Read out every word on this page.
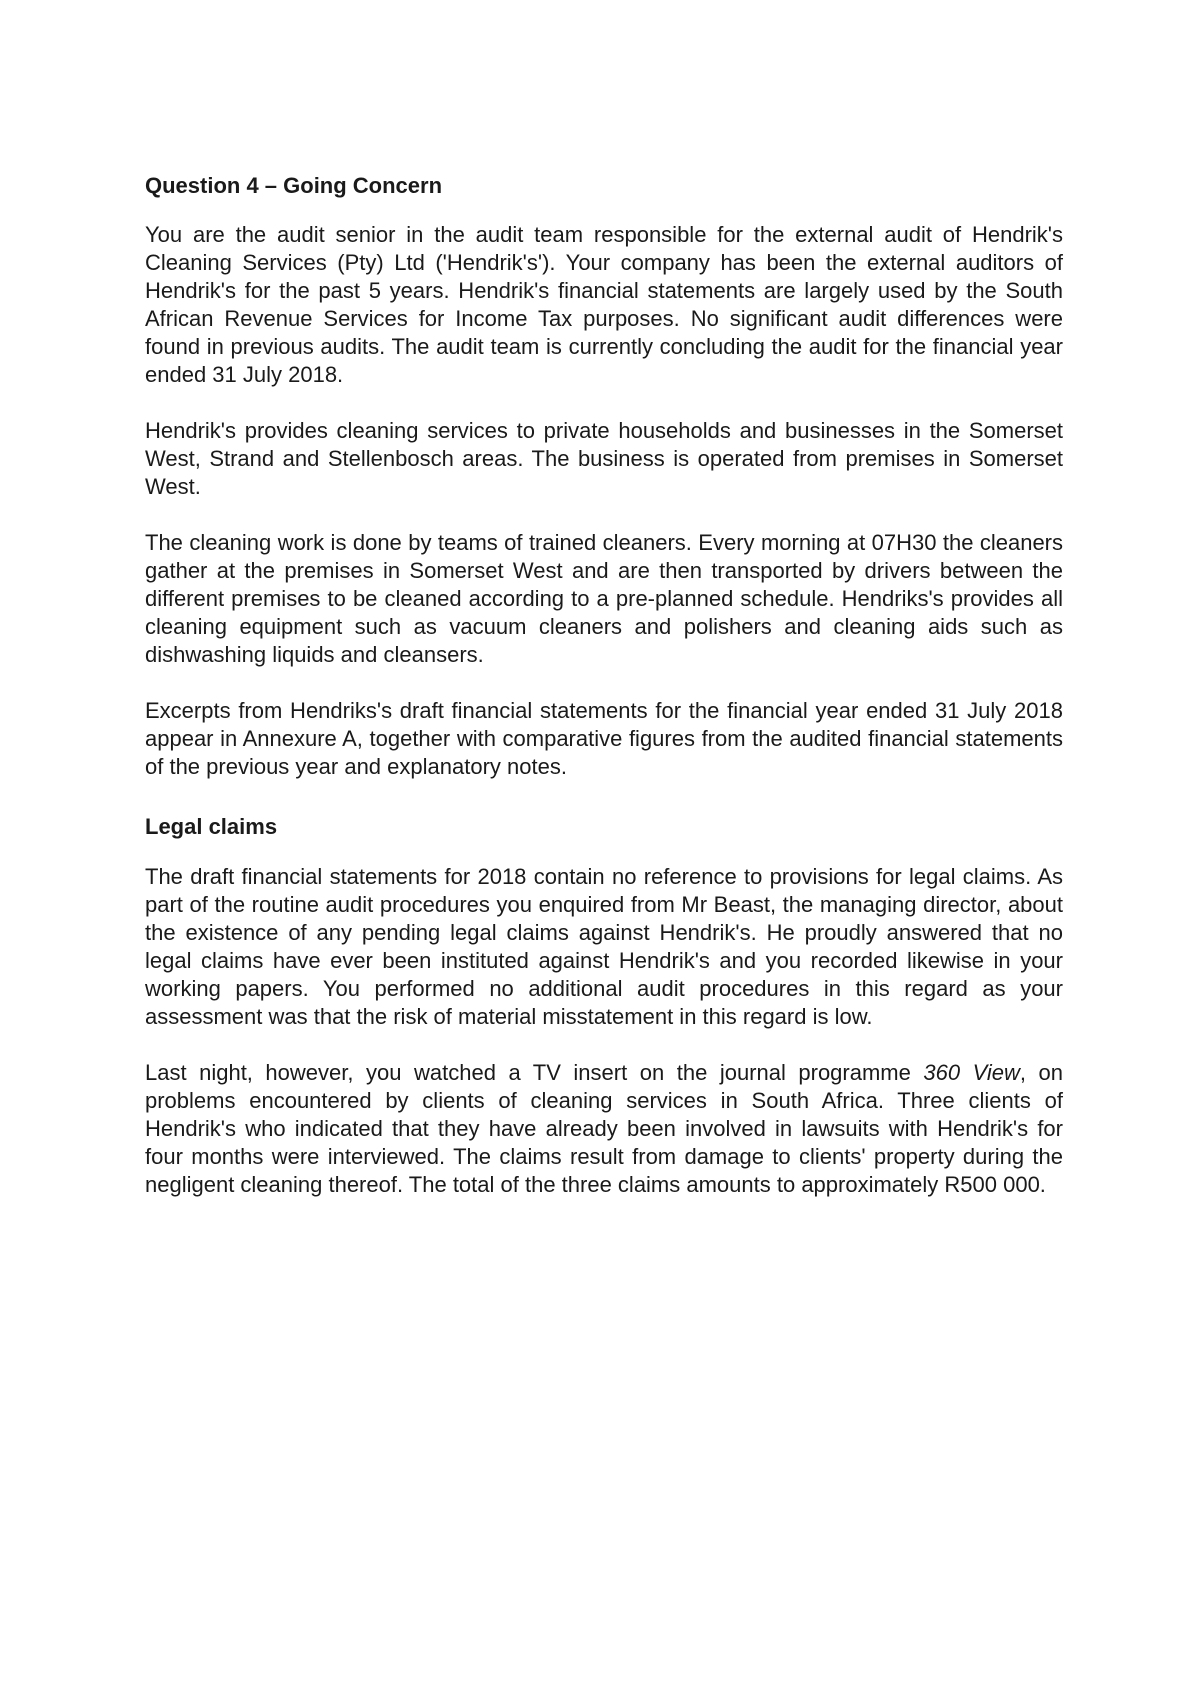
Question 4 – Going Concern

You are the audit senior in the audit team responsible for the external audit of Hendrik's Cleaning Services (Pty) Ltd ('Hendrik's'). Your company has been the external auditors of Hendrik's for the past 5 years. Hendrik's financial statements are largely used by the South African Revenue Services for Income Tax purposes. No significant audit differences were found in previous audits. The audit team is currently concluding the audit for the financial year ended 31 July 2018.

Hendrik's provides cleaning services to private households and businesses in the Somerset West, Strand and Stellenbosch areas. The business is operated from premises in Somerset West.

The cleaning work is done by teams of trained cleaners. Every morning at 07H30 the cleaners gather at the premises in Somerset West and are then transported by drivers between the different premises to be cleaned according to a pre-planned schedule. Hendriks's provides all cleaning equipment such as vacuum cleaners and polishers and cleaning aids such as dishwashing liquids and cleansers.

Excerpts from Hendriks's draft financial statements for the financial year ended 31 July 2018 appear in Annexure A, together with comparative figures from the audited financial statements of the previous year and explanatory notes.

Legal claims

The draft financial statements for 2018 contain no reference to provisions for legal claims. As part of the routine audit procedures you enquired from Mr Beast, the managing director, about the existence of any pending legal claims against Hendrik's. He proudly answered that no legal claims have ever been instituted against Hendrik's and you recorded likewise in your working papers. You performed no additional audit procedures in this regard as your assessment was that the risk of material misstatement in this regard is low.

Last night, however, you watched a TV insert on the journal programme 360 View, on problems encountered by clients of cleaning services in South Africa. Three clients of Hendrik's who indicated that they have already been involved in lawsuits with Hendrik's for four months were interviewed. The claims result from damage to clients' property during the negligent cleaning thereof. The total of the three claims amounts to approximately R500 000.
